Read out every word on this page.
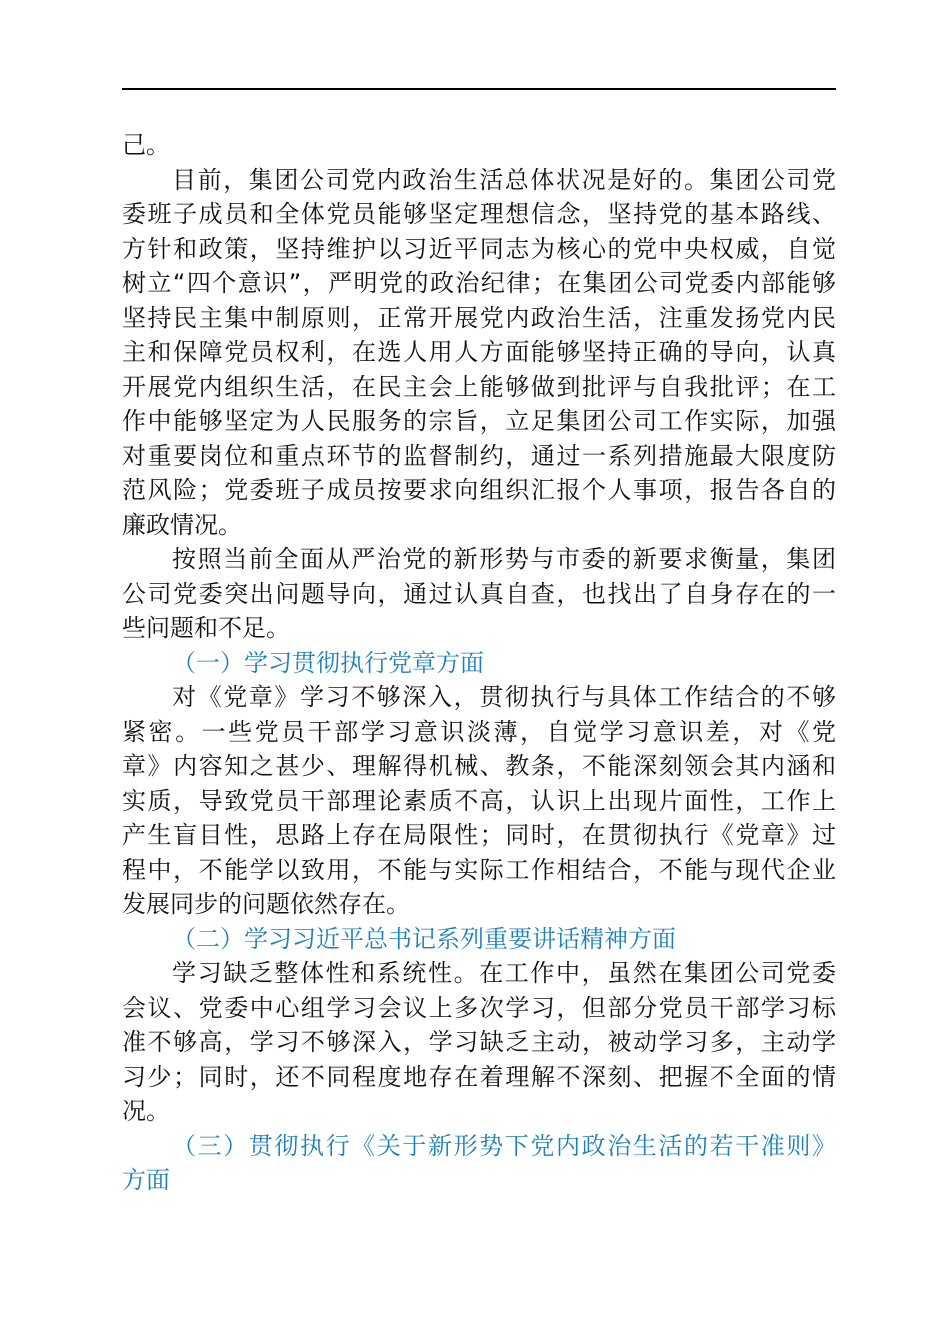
己。
目前，集团公司党内政治生活总体状况是好的。集团公司党
委班子成员和全体党员能够坚定理想信念，坚持党的基本路线、
方针和政策，坚持维护以习近平同志为核心的党中央权威，自觉
树立“四个意识”，严明党的政治纪律；在集团公司党委内部能够
坚持民主集中制原则，正常开展党内政治生活，注重发扬党内民
主和保障党员权利，在选人用人方面能够坚持正确的导向，认真
开展党内组织生活，在民主会上能够做到批评与自我批评；在工
作中能够坚定为人民服务的宗旨，立足集团公司工作实际，加强
对重要岗位和重点环节的监督制约，通过一系列措施最大限度防
范风险；党委班子成员按要求向组织汇报个人事项，报告各自的
廉政情况。
按照当前全面从严治党的新形势与市委的新要求衡量，集团
公司党委突出问题导向，通过认真自查，也找出了自身存在的一
些问题和不足。
（一）学习贯彻执行党章方面
对《党章》学习不够深入，贯彻执行与具体工作结合的不够
紧密。一些党员干部学习意识淡薄，自觉学习意识差，对《党
章》内容知之甚少、理解得机械、教条，不能深刻领会其内涵和
实质，导致党员干部理论素质不高，认识上出现片面性，工作上
产生盲目性，思路上存在局限性；同时，在贯彻执行《党章》过
程中，不能学以致用，不能与实际工作相结合，不能与现代企业
发展同步的问题依然存在。
（二）学习习近平总书记系列重要讲话精神方面
学习缺乏整体性和系统性。在工作中，虽然在集团公司党委
会议、党委中心组学习会议上多次学习，但部分党员干部学习标
准不够高，学习不够深入，学习缺乏主动，被动学习多，主动学
习少；同时，还不同程度地存在着理解不深刻、把握不全面的情
况。
（三）贯彻执行《关于新形势下党内政治生活的若干准则》
方面
